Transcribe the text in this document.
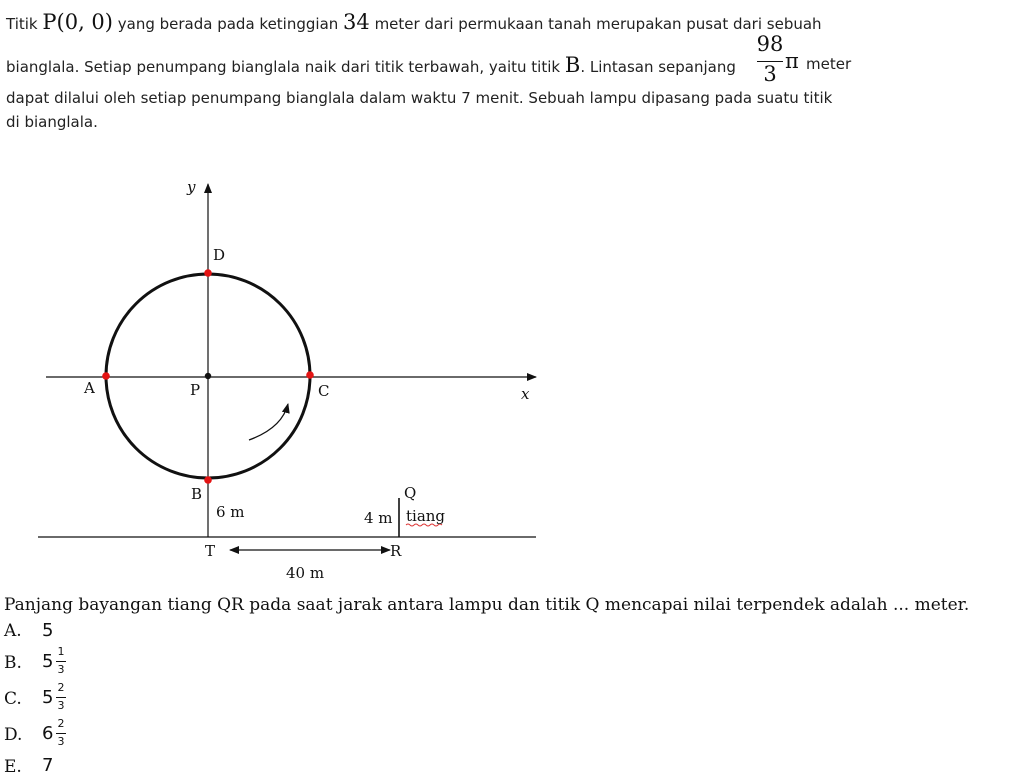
Titik P(0, 0) yang berada pada ketinggian 34 meter dari permukaan tanah merupakan pusat dari sebuah
bianglala. Setiap penumpang bianglala naik dari titik terbawah, yaitu titik B. Lintasan sepanjang
98
3
π meter
dapat dilalui oleh setiap penumpang bianglala dalam waktu 7 menit. Sebuah lampu dipasang pada suatu titik
di bianglala.
y
x
D
A	P	C
B
6 m
Q
4 m tiang
T	R
40 m
Panjang bayangan tiang QR pada saat jarak antara lampu dan titik Q mencapai nilai terpendek adalah ... meter.
A. 5
B. 5 1
3
C. 5 2
3
D. 6 2
3
E. 7
